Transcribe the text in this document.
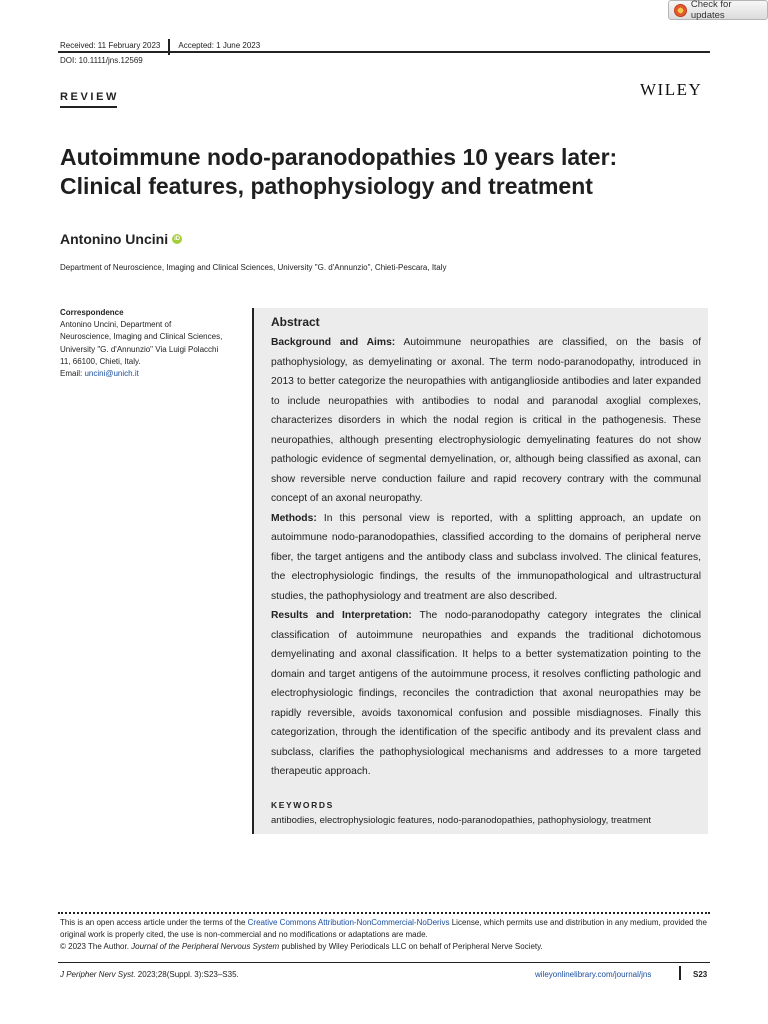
Check for updates
Received: 11 February 2023 Accepted: 1 June 2023
DOI: 10.1111/jns.12569
REVIEW	WILEY
Autoimmune nodo-paranodopathies 10 years later: Clinical features, pathophysiology and treatment
Antonino Uncini	iD
Department of Neuroscience, Imaging and Clinical Sciences, University "G. d'Annunzio", Chieti-Pescara, Italy
Correspondence
Antonino Uncini, Department of
Neuroscience, Imaging and Clinical Sciences,
University "G. d'Annunzio" Via Luigi Polacchi
11, 66100, Chieti, Italy.
Email: uncini@unich.it
Abstract

Background and Aims: Autoimmune neuropathies are classified, on the basis of pathophysiology, as demyelinating or axonal. The term nodo-paranodopathy, introduced in 2013 to better categorize the neuropathies with antiganglioside antibodies and later expanded to include neuropathies with antibodies to nodal and paranodal axoglial complexes, characterizes disorders in which the nodal region is critical in the pathogenesis. These neuropathies, although presenting electrophysiologic demyelinating features do not show pathologic evidence of segmental demyelination, or, although being classified as axonal, can show reversible nerve conduction failure and rapid recovery contrary with the communal concept of an axonal neuropathy.

Methods: In this personal view is reported, with a splitting approach, an update on autoimmune nodo-paranodopathies, classified according to the domains of peripheral nerve fiber, the target antigens and the antibody class and subclass involved. The clinical features, the electrophysiologic findings, the results of the immunopathological and ultrastructural studies, the pathophysiology and treatment are also described.

Results and Interpretation: The nodo-paranodopathy category integrates the clinical classification of autoimmune neuropathies and expands the traditional dichotomous demyelinating and axonal classification. It helps to a better systematization pointing to the domain and target antigens of the autoimmune process, it resolves conflicting pathologic and electrophysiologic findings, reconciles the contradiction that axonal neuropathies may be rapidly reversible, avoids taxonomical confusion and possible misdiagnoses. Finally this categorization, through the identification of the specific antibody and its prevalent class and subclass, clarifies the pathophysiological mechanisms and addresses to a more targeted therapeutic approach.

KEYWORDS
antibodies, electrophysiologic features, nodo-paranodopathies, pathophysiology, treatment
This is an open access article under the terms of the Creative Commons Attribution-NonCommercial-NoDerivs License, which permits use and distribution in any medium, provided the original work is properly cited, the use is non-commercial and no modifications or adaptations are made.
© 2023 The Author. Journal of the Peripheral Nervous System published by Wiley Periodicals LLC on behalf of Peripheral Nerve Society.
J Peripher Nerv Syst. 2023;28(Suppl. 3):S23–S35.	wileyonlinelibrary.com/journal/jns	S23
